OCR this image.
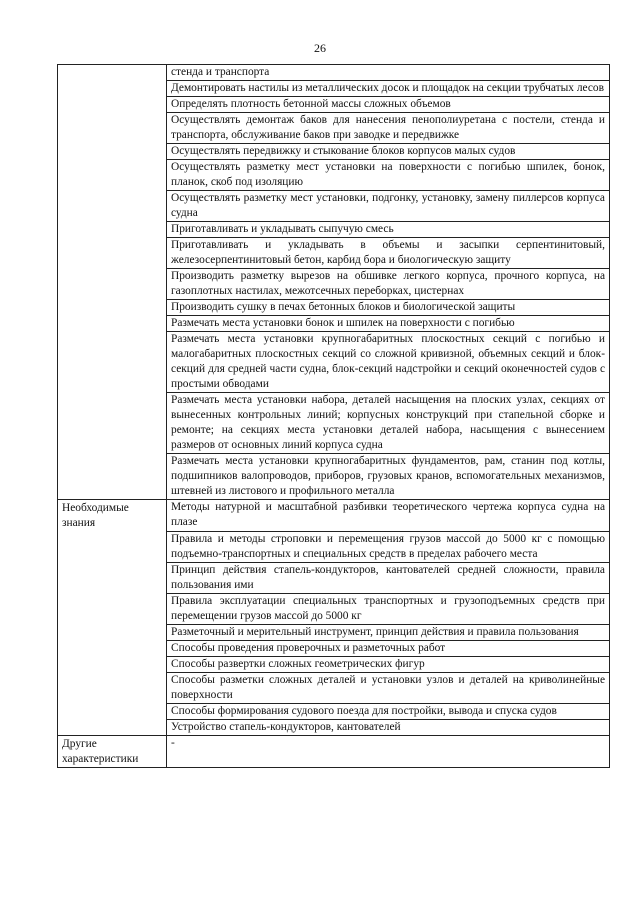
26
	стенда и транспорта
	Демонтировать настилы из металлических досок и площадок на секции трубчатых лесов
	Определять плотность бетонной массы сложных объемов
	Осуществлять демонтаж баков для нанесения пенополиуретана с постели, стенда и транспорта, обслуживание баков при заводке и передвижке
	Осуществлять передвижку и стыкование блоков корпусов малых судов
	Осуществлять разметку мест установки на поверхности с погибью шпилек, бонок, планок, скоб под изоляцию
	Осуществлять разметку мест установки, подгонку, установку, замену пиллерсов корпуса судна
	Приготавливать и укладывать сыпучую смесь
	Приготавливать и укладывать в объемы и засыпки серпентинитовый, железосерпентинитовый бетон, карбид бора и биологическую защиту
	Производить разметку вырезов на обшивке легкого корпуса, прочного корпуса, на газоплотных настилах, межотсечных переборках, цистернах
	Производить сушку в печах бетонных блоков и биологической защиты
	Размечать места установки бонок и шпилек на поверхности с погибью
	Размечать места установки крупногабаритных плоскостных секций с погибью и малогабаритных плоскостных секций со сложной кривизной, объемных секций и блок-секций для средней части судна, блок-секций надстройки и секций оконечностей судов с простыми обводами
	Размечать места установки набора, деталей насыщения на плоских узлах, секциях от вынесенных контрольных линий; корпусных конструкций при стапельной сборке и ремонте; на секциях места установки деталей набора, насыщения с вынесением размеров от основных линий корпуса судна
	Размечать места установки крупногабаритных фундаментов, рам, станин под котлы, подшипников валопроводов, приборов, грузовых кранов, вспомогательных механизмов, штевней из листового и профильного металла

Необходимые знания	Методы натурной и масштабной разбивки теоретического чертежа корпуса судна на плазе
	Правила и методы строповки и перемещения грузов массой до 5000 кг с помощью подъемно-транспортных и специальных средств в пределах рабочего места
	Принцип действия стапель-кондукторов, кантователей средней сложности, правила пользования ими
	Правила эксплуатации специальных транспортных и грузоподъемных средств при перемещении грузов массой до 5000 кг
	Разметочный и мерительный инструмент, принцип действия и правила пользования
	Способы проведения проверочных и разметочных работ
	Способы развертки сложных геометрических фигур
	Способы разметки сложных деталей и установки узлов и деталей на криволинейные поверхности
	Способы формирования судового поезда для постройки, вывода и спуска судов
	Устройство стапель-кондукторов, кантователей

Другие характеристики	-
